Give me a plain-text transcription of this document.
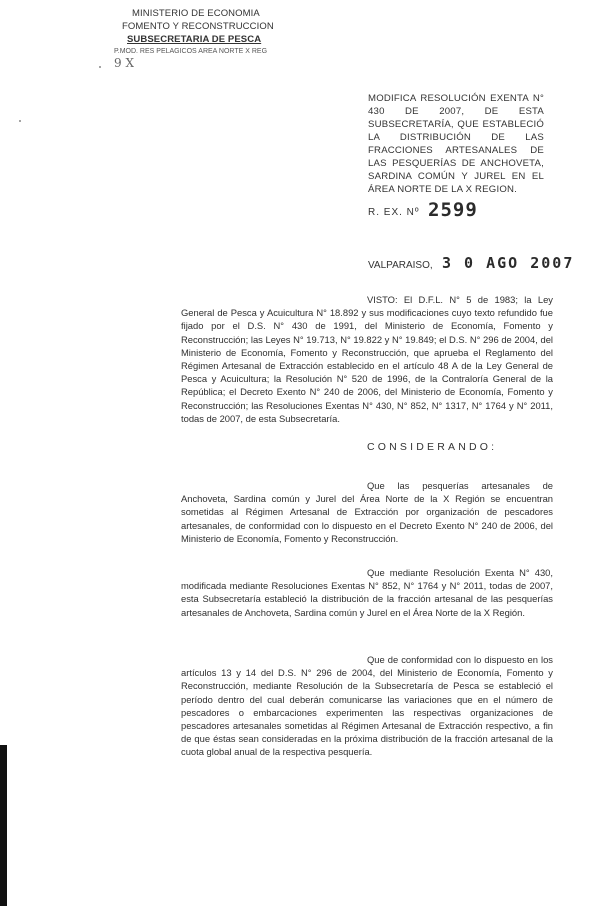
MINISTERIO DE ECONOMIA
FOMENTO Y RECONSTRUCCION
SUBSECRETARIA DE PESCA
P.MOD. RES PELAGICOS AREA NORTE X REG
9 X
MODIFICA RESOLUCIÓN EXENTA N° 430 DE 2007, DE ESTA SUBSECRETARÍA, QUE ESTABLECIÓ LA DISTRIBUCIÓN DE LAS FRACCIONES ARTESANALES DE LAS PESQUERÍAS DE ANCHOVETA, SARDINA COMÚN Y JUREL EN EL ÁREA NORTE DE LA X REGION.
R. EX. Nº 2599
VALPARAISO, 3 0 AGO 2007
VISTO: El D.F.L. N° 5 de 1983; la Ley General de Pesca y Acuicultura N° 18.892 y sus modificaciones cuyo texto refundido fue fijado por el D.S. N° 430 de 1991, del Ministerio de Economía, Fomento y Reconstrucción; las Leyes N° 19.713, N° 19.822 y N° 19.849; el D.S. N° 296 de 2004, del Ministerio de Economía, Fomento y Reconstrucción, que aprueba el Reglamento del Régimen Artesanal de Extracción establecido en el artículo 48 A de la Ley General de Pesca y Acuicultura; la Resolución N° 520 de 1996, de la Contraloría General de la República; el Decreto Exento N° 240 de 2006, del Ministerio de Economía, Fomento y Reconstrucción; las Resoluciones Exentas N° 430, N° 852, N° 1317, N° 1764 y N° 2011, todas de 2007, de esta Subsecretaría.
CONSIDERANDO:
Que las pesquerías artesanales de Anchoveta, Sardina común y Jurel del Área Norte de la X Región se encuentran sometidas al Régimen Artesanal de Extracción por organización de pescadores artesanales, de conformidad con lo dispuesto en el Decreto Exento N° 240 de 2006, del Ministerio de Economía, Fomento y Reconstrucción.
Que mediante Resolución Exenta N° 430, modificada mediante Resoluciones Exentas N° 852, N° 1764 y N° 2011, todas de 2007, esta Subsecretaría estableció la distribución de la fracción artesanal de las pesquerías artesanales de Anchoveta, Sardina común y Jurel en el Área Norte de la X Región.
Que de conformidad con lo dispuesto en los artículos 13 y 14 del D.S. N° 296 de 2004, del Ministerio de Economía, Fomento y Reconstrucción, mediante Resolución de la Subsecretaría de Pesca se estableció el período dentro del cual deberán comunicarse las variaciones que en el número de pescadores o embarcaciones experimenten las respectivas organizaciones de pescadores artesanales sometidas al Régimen Artesanal de Extracción respectivo, a fin de que éstas sean consideradas en la próxima distribución de la fracción artesanal de la cuota global anual de la respectiva pesquería.
